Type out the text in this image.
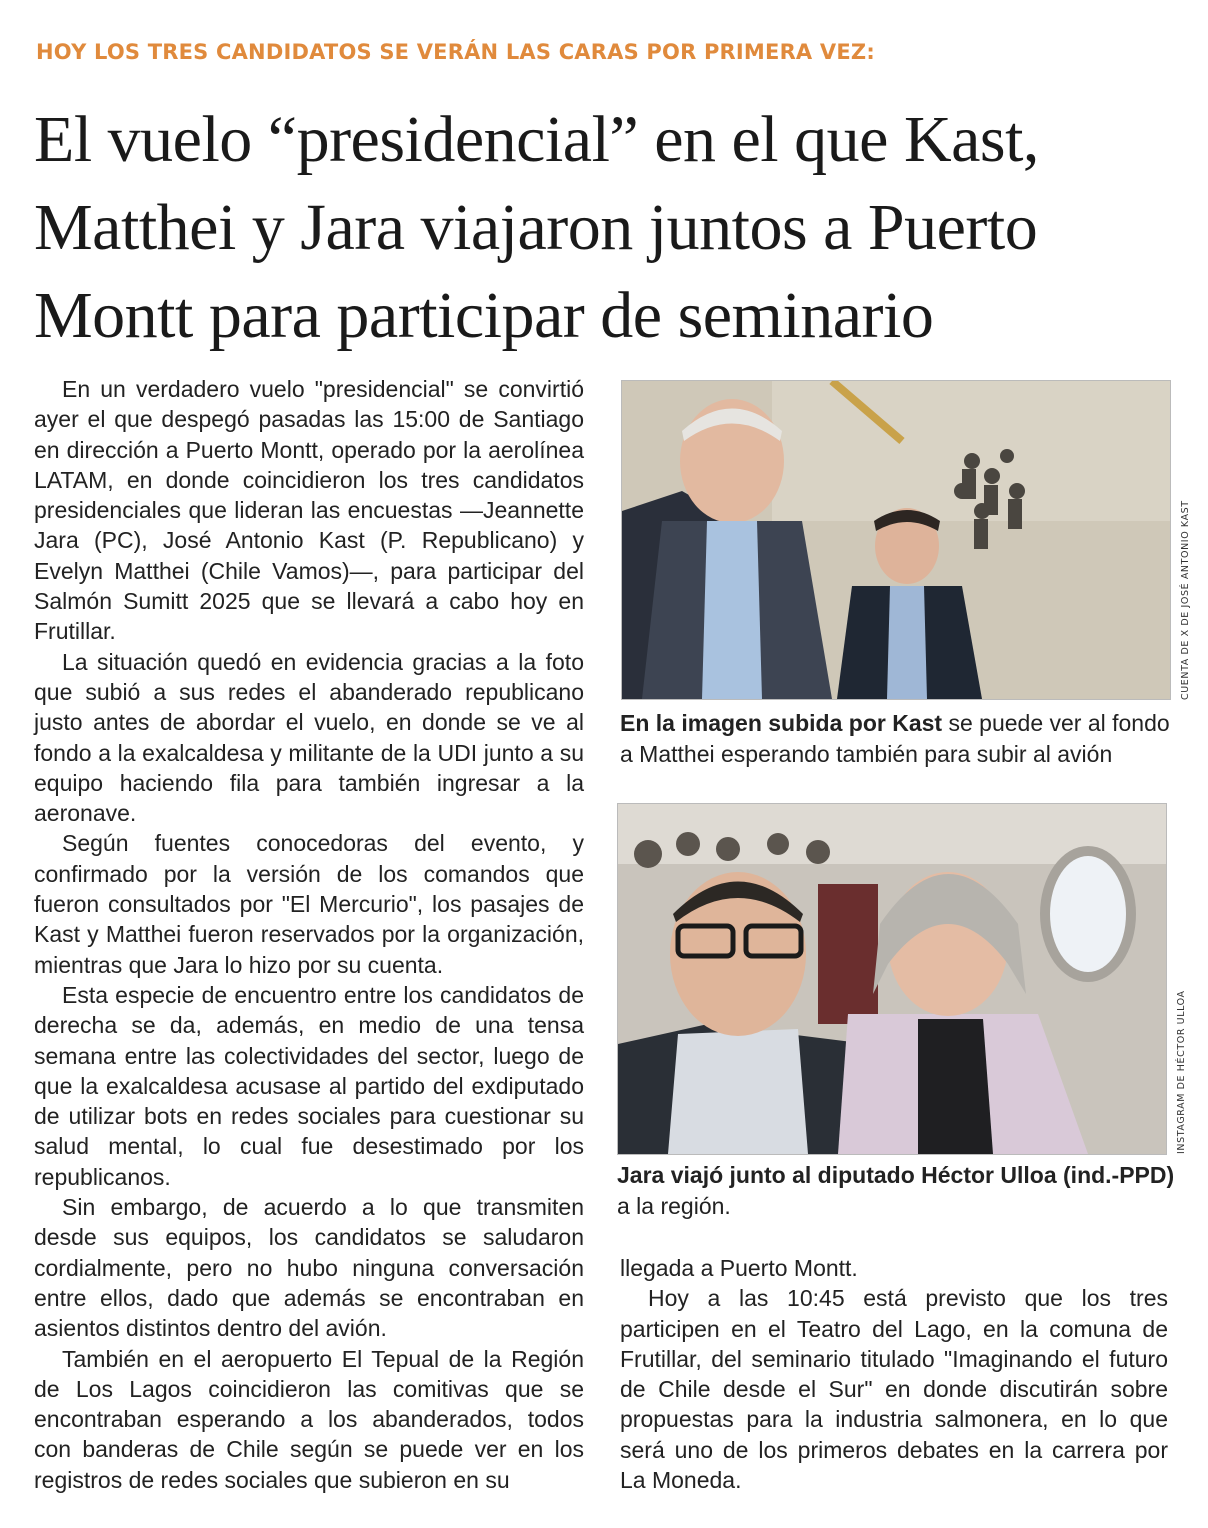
HOY LOS TRES CANDIDATOS SE VERÁN LAS CARAS POR PRIMERA VEZ:
El vuelo “presidencial” en el que Kast, Matthei y Jara viajaron juntos a Puerto Montt para participar de seminario

En un verdadero vuelo "presidencial" se convirtió ayer el que despegó pasadas las 15:00 de Santiago en dirección a Puerto Montt, operado por la aerolínea LATAM, en donde coincidieron los tres candidatos presidenciales que lideran las encuestas —Jeannette Jara (PC), José Antonio Kast (P. Republicano) y Evelyn Matthei (Chile Vamos)—, para participar del Salmón Sumitt 2025 que se llevará a cabo hoy en Frutillar.

La situación quedó en evidencia gracias a la foto que subió a sus redes el abanderado republicano justo antes de abordar el vuelo, en donde se ve al fondo a la exalcaldesa y militante de la UDI junto a su equipo haciendo fila para también ingresar a la aeronave.

Según fuentes conocedoras del evento, y confirmado por la versión de los comandos que fueron consultados por "El Mercurio", los pasajes de Kast y Matthei fueron reservados por la organización, mientras que Jara lo hizo por su cuenta.

Esta especie de encuentro entre los candidatos de derecha se da, además, en medio de una tensa semana entre las colectividades del sector, luego de que la exalcaldesa acusase al partido del exdiputado de utilizar bots en redes sociales para cuestionar su salud mental, lo cual fue desestimado por los republicanos.

Sin embargo, de acuerdo a lo que transmiten desde sus equipos, los candidatos se saludaron cordialmente, pero no hubo ninguna conversación entre ellos, dado que además se encontraban en asientos distintos dentro del avión.

También en el aeropuerto El Tepual de la Región de Los Lagos coincidieron las comitivas que se encontraban esperando a los abanderados, todos con banderas de Chile según se puede ver en los registros de redes sociales que subieron en su

CUENTA DE X DE JOSÉ ANTONIO KAST
En la imagen subida por Kast se puede ver al fondo a Matthei esperando también para subir al avión
INSTAGRAM DE HÉCTOR ULLOA
Jara viajó junto al diputado Héctor Ulloa (ind.-PPD) a la región.

llegada a Puerto Montt.

Hoy a las 10:45 está previsto que los tres participen en el Teatro del Lago, en la comuna de Frutillar, del seminario titulado "Imaginando el futuro de Chile desde el Sur" en donde discutirán sobre propuestas para la industria salmonera, en lo que será uno de los primeros debates en la carrera por La Moneda.
